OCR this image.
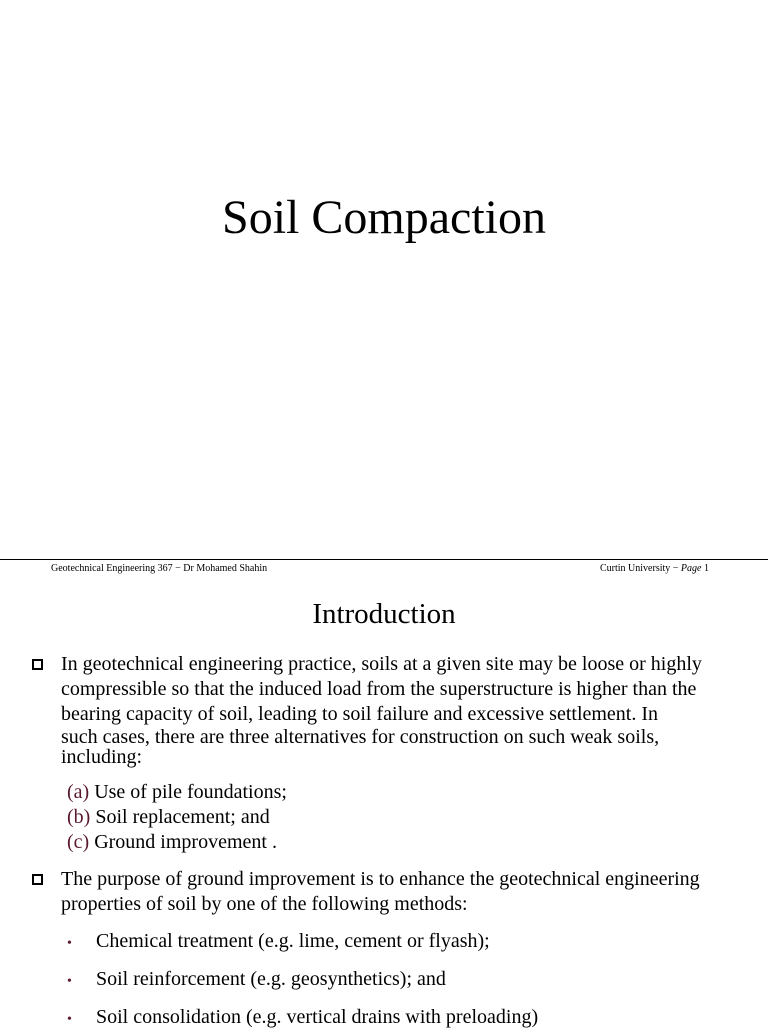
Soil Compaction
Geotechnical Engineering 367 − Dr Mohamed Shahin	Curtin University − Page 1
Introduction
In geotechnical engineering practice, soils at a given site may be loose or highly
compressible so that the induced load from the superstructure is higher than the
bearing capacity of soil, leading to soil failure and excessive settlement. In
such cases, there are three alternatives for construction on such weak soils,
including:
(a) Use of pile foundations;
(b) Soil replacement; and
(c) Ground improvement .
The purpose of ground improvement is to enhance the geotechnical engineering
properties of soil by one of the following methods:
• Chemical treatment (e.g. lime, cement or flyash);
• Soil reinforcement (e.g. geosynthetics); and
• Soil consolidation (e.g. vertical drains with preloading)
